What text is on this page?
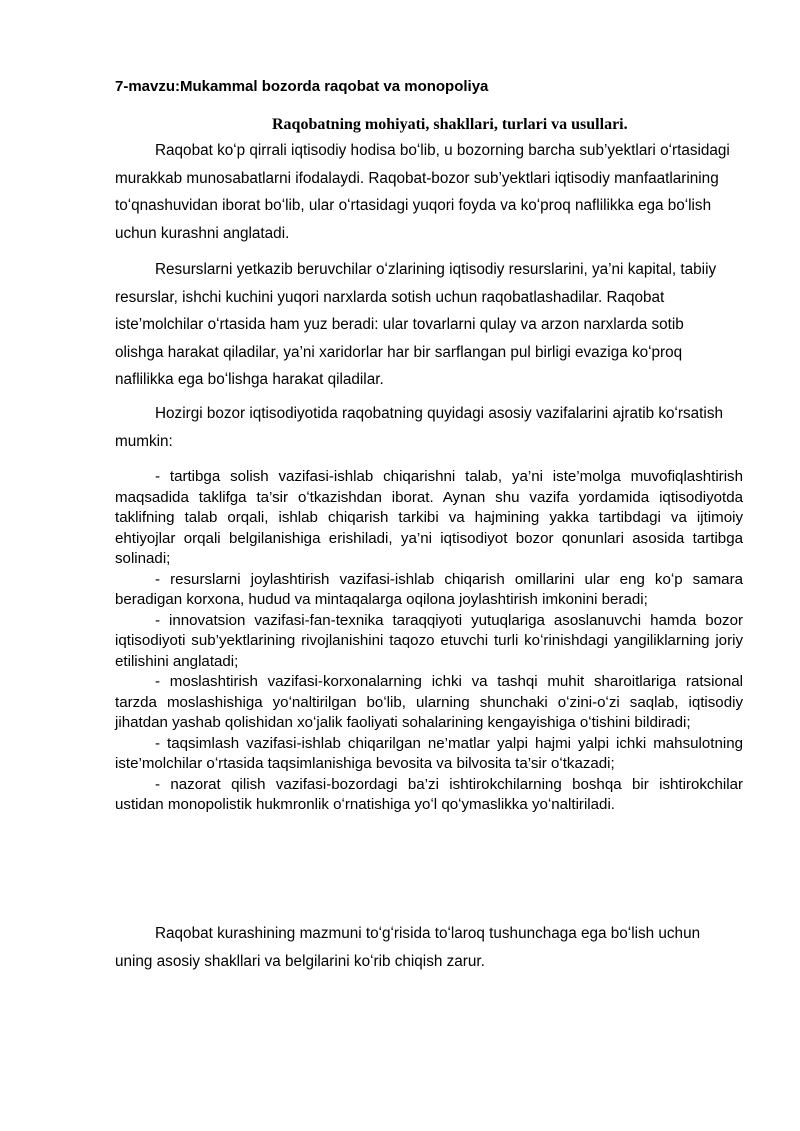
7-mavzu:Mukammal bozorda raqobat va monopoliya
Raqobatning mohiyati, shakllari, turlari va usullari.

Raqobat koʻp qirrali iqtisodiy hodisa boʻlib, u bozorning barcha sub’yektlari oʻrtasidagi murakkab munosabatlarni ifodalaydi. Raqobat-bozor sub’yektlari iqtisodiy manfaatlarining toʻqnashuvidan iborat boʻlib, ular oʻrtasidagi yuqori foyda va koʻproq naflilikka ega boʻlish uchun kurashni anglatadi.

Resurslarni yetkazib beruvchilar oʻzlarining iqtisodiy resurslarini, ya’ni kapital, tabiiy resurslar, ishchi kuchini yuqori narxlarda sotish uchun raqobatlashadilar. Raqobat iste’molchilar oʻrtasida ham yuz beradi: ular tovarlarni qulay va arzon narxlarda sotib olishga harakat qiladilar, ya’ni xaridorlar har bir sarflangan pul birligi evaziga koʻproq naflilikka ega boʻlishga harakat qiladilar.

Hozirgi bozor iqtisodiyotida raqobatning quyidagi asosiy vazifalarini ajratib koʻrsatish mumkin:

- tartibga solish vazifasi-ishlab chiqarishni talab, ya’ni iste’molga muvofiqlashtirish maqsadida taklifga ta’sir oʻtkazishdan iborat. Aynan shu vazifa yordamida iqtisodiyotda taklifning talab orqali, ishlab chiqarish tarkibi va hajmining yakka tartibdagi va ijtimoiy ehtiyojlar orqali belgilanishiga erishiladi, ya’ni iqtisodiyot bozor qonunlari asosida tartibga solinadi;

- resurslarni joylashtirish vazifasi-ishlab chiqarish omillarini ular eng koʻp samara beradigan korxona, hudud va mintaqalarga oqilona joylashtirish imkonini beradi;

- innovatsion vazifasi-fan-texnika taraqqiyoti yutuqlariga asoslanuvchi hamda bozor iqtisodiyoti sub’yektlarining rivojlanishini taqozo etuvchi turli koʻrinishdagi yangiliklarning joriy etilishini anglatadi;

- moslashtirish vazifasi-korxonalarning ichki va tashqi muhit sharoitlariga ratsional tarzda moslashishiga yoʻnaltirilgan boʻlib, ularning shunchaki oʻzini-oʻzi saqlab, iqtisodiy jihatdan yashab qolishidan xoʻjalik faoliyati sohalarining kengayishiga oʻtishini bildiradi;

- taqsimlash vazifasi-ishlab chiqarilgan ne’matlar yalpi hajmi yalpi ichki mahsulotning iste’molchilar oʻrtasida taqsimlanishiga bevosita va bilvosita ta’sir oʻtkazadi;

- nazorat qilish vazifasi-bozordagi ba’zi ishtirokchilarning boshqa bir ishtirokchilar ustidan monopolistik hukmronlik oʻrnatishiga yoʻl qoʻymaslikka yoʻnaltiriladi.

Raqobat kurashining mazmuni toʻgʻrisida toʻlaroq tushunchaga ega boʻlish uchun uning asosiy shakllari va belgilarini koʻrib chiqish zarur.
